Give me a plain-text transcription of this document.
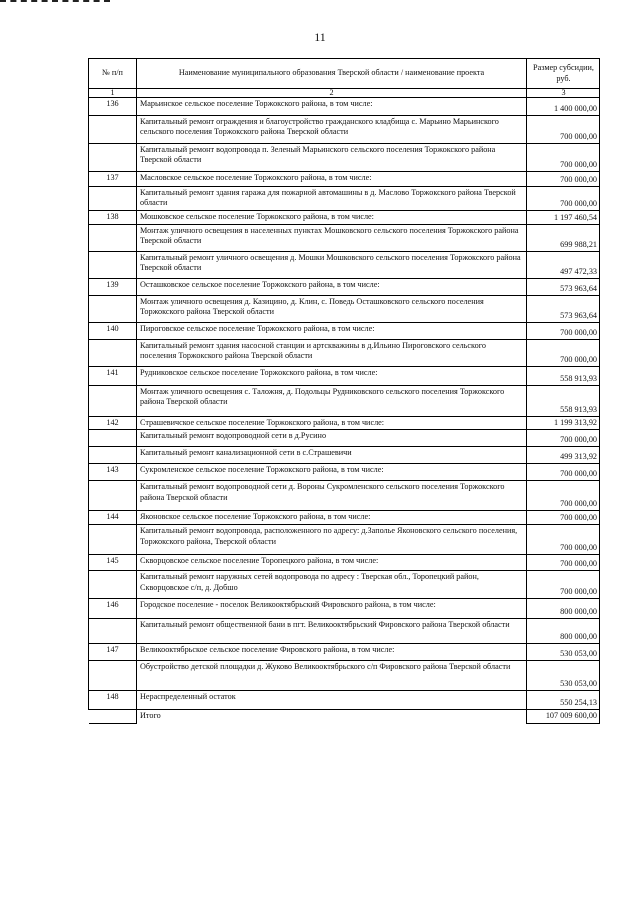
11
№ п/п	Наименование муниципального образования Тверской области / наименование проекта	Размер субсидии, руб.
1	2	3
136	Марьинское сельское поселение Торжокского района, в том числе:	1 400 000,00
	Капитальный ремонт ограждения и благоустройство гражданского кладбища с. Марьино Марьинского сельского поселения Торжокского района Тверской области	700 000,00
	Капитальный ремонт водопровода п. Зеленый Марьинского сельского поселения Торжокского района Тверской области	700 000,00
137	Масловское сельское поселение Торжокского района, в том числе:	700 000,00
	Капитальный ремонт здания гаража для пожарной автомашины в д. Маслово Торжокского района Тверской области	700 000,00
138	Мошковское сельское поселение Торжокского района, в том числе:	1 197 460,54
	Монтаж уличного освещения в населенных пунктах Мошковского сельского поселения Торжокского района Тверской области	699 988,21
	Капитальный ремонт уличного освещения д. Мошки Мошковского сельского поселения Торжокского района Тверской области	497 472,33
139	Осташковское сельское поселение Торжокского района, в том числе:	573 963,64
	Монтаж уличного освещения д. Казицино, д. Клин, с. Поведь Осташковского сельского поселения Торжокского района Тверской области	573 963,64
140	Пироговское сельское поселение Торжокского района, в том числе:	700 000,00
	Капитальный ремонт здания насосной станции и артскважины в д.Ильино Пироговского сельского поселения Торжокского района Тверской области	700 000,00
141	Рудниковское сельское поселение Торжокского района, в том числе:	558 913,93
	Монтаж уличного освещения с. Таложня, д. Подольцы Рудниковского сельского поселения Торжокского района Тверской области	558 913,93
142	Страшевичское сельское поселение Торжокского района, в том числе:	1 199 313,92
	Капитальный ремонт водопроводной сети в д.Русино	700 000,00
	Капитальный ремонт канализационной сети в с.Страшевичи	499 313,92
143	Сукромленское сельское поселение Торжокского района, в том числе:	700 000,00
	Капитальный ремонт водопроводной сети д. Вороны Сукромленского сельского поселения Торжокского района Тверской области	700 000,00
144	Яконовское сельское поселение Торжокского района, в том числе:	700 000,00
	Капитальный ремонт водопровода, расположенного по адресу: д.Заполье Яконовского сельского поселения, Торжокского района, Тверской области	700 000,00
145	Скворцовское сельское поселение Торопецкого района, в том числе:	700 000,00
	Капитальный ремонт наружных сетей водопровода по адресу : Тверская обл., Торопецкий район, Скворцовское с/п, д. Добшо	700 000,00
146	Городское поселение - поселок Великооктябрьский Фировского района, в том числе:	800 000,00
	Капитальный ремонт общественной бани в пгт. Великооктябрьский Фировского района Тверской области	800 000,00
147	Великооктябрьское сельское поселение Фировского района, в том числе:	530 053,00
	Обустройство детской площадки д. Жуково Великооктябрьского с/п Фировского района Тверской области	530 053,00
148	Нераспределенный остаток	550 254,13
	Итого	107 009 600,00
